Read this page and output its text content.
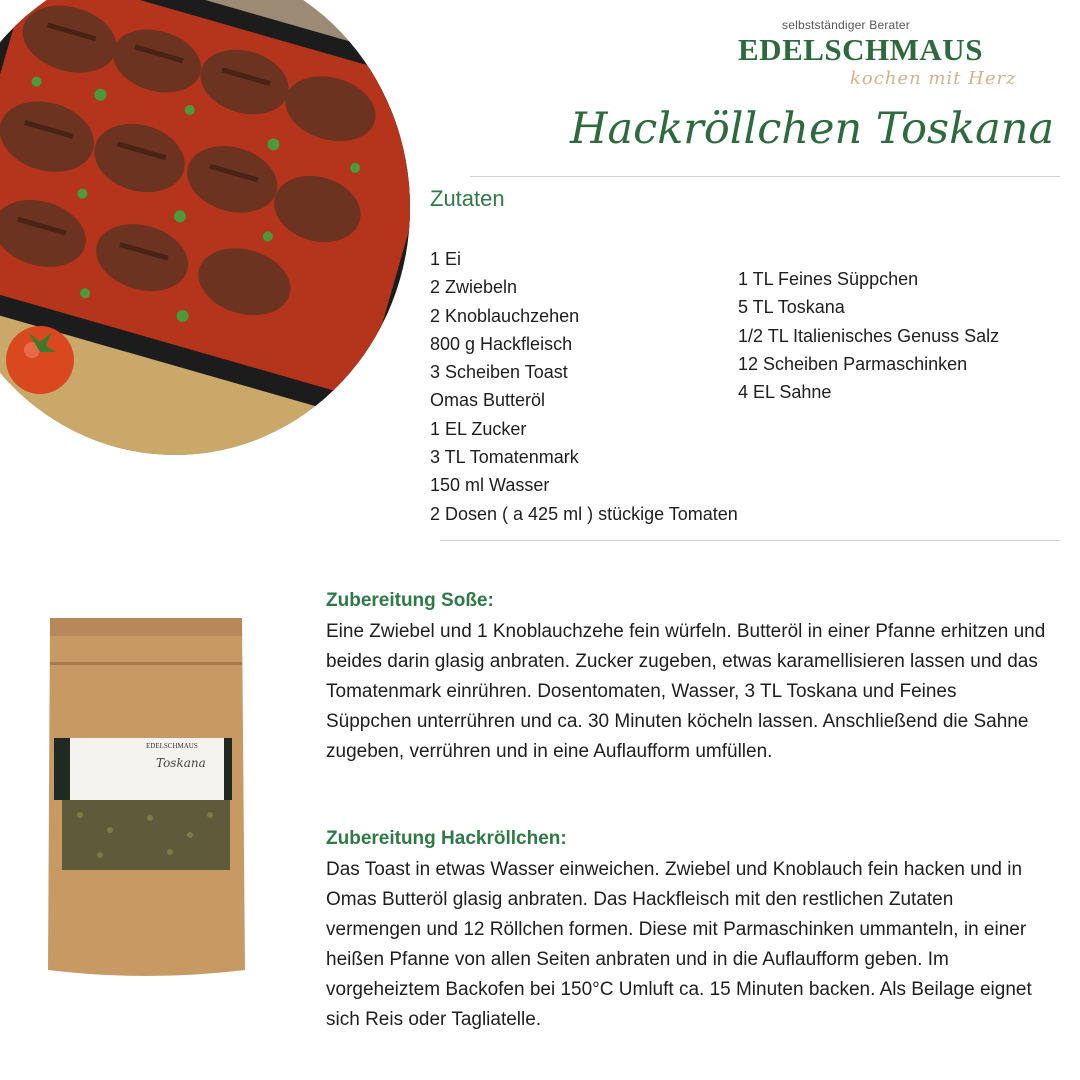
selbstständiger Berater
EDELSCHMAUS
kochen mit Herz
Hackröllchen Toskana
Zutaten
1 Ei
2 Zwiebeln
2 Knoblauchzehen
800 g Hackfleisch
3 Scheiben Toast
Omas Butteröl
1 EL Zucker
3 TL Tomatenmark
150 ml Wasser
2 Dosen ( a 425 ml ) stückige Tomaten
1 TL Feines Süppchen
5 TL Toskana
1/2 TL Italienisches Genuss Salz
12 Scheiben Parmaschinken
4 EL Sahne
EDELSCHMAUS
Toskana
Zubereitung Soße:
Eine Zwiebel und 1 Knoblauchzehe fein würfeln. Butteröl in einer Pfanne erhitzen und beides darin glasig anbraten. Zucker zugeben, etwas karamellisieren lassen und das Tomatenmark einrühren. Dosentomaten, Wasser, 3 TL Toskana und Feines Süppchen unterrühren und ca. 30 Minuten köcheln lassen. Anschließend die Sahne zugeben, verrühren und in eine Auflaufform umfüllen.
Zubereitung Hackröllchen:
Das Toast in etwas Wasser einweichen. Zwiebel und Knoblauch fein hacken und in Omas Butteröl glasig anbraten. Das Hackfleisch mit den restlichen Zutaten vermengen und 12 Röllchen formen. Diese mit Parmaschinken ummanteln, in einer heißen Pfanne von allen Seiten anbraten und in die Auflaufform geben. Im vorgeheiztem Backofen bei 150°C Umluft ca. 15 Minuten backen. Als Beilage eignet sich Reis oder Tagliatelle.
